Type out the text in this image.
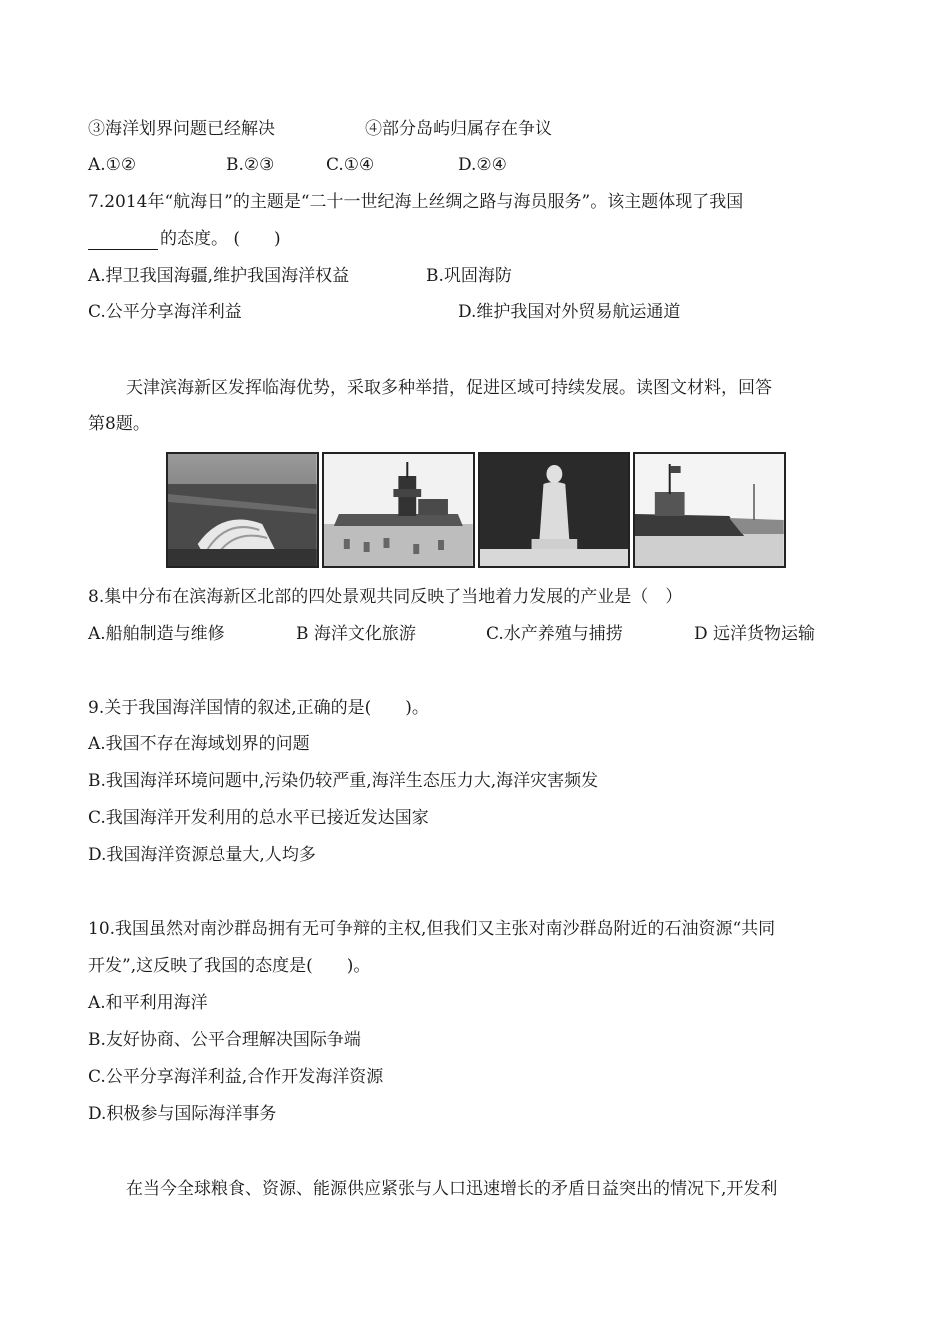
③海洋划界问题已经解决	④部分岛屿归属存在争议
A.①②	B.②③	C.①④	D.②④
7.2014年“航海日”的主题是“二十一世纪海上丝绸之路与海员服务”。该主题体现了我国
的态度。 (　　)
A.捍卫我国海疆,维护我国海洋权益	B.巩固海防
C.公平分享海洋利益	D.维护我国对外贸易航运通道
天津滨海新区发挥临海优势，采取多种举措，促进区域可持续发展。读图文材料，回答
第8题。
8.集中分布在滨海新区北部的四处景观共同反映了当地着力发展的产业是（　）
A.船舶制造与维修	B 海洋文化旅游	C.水产养殖与捕捞	D 远洋货物运输
9.关于我国海洋国情的叙述,正确的是(　　)。
A.我国不存在海域划界的问题
B.我国海洋环境问题中,污染仍较严重,海洋生态压力大,海洋灾害频发
C.我国海洋开发利用的总水平已接近发达国家
D.我国海洋资源总量大,人均多
10.我国虽然对南沙群岛拥有无可争辩的主权,但我们又主张对南沙群岛附近的石油资源“共同
开发”,这反映了我国的态度是(　　)。
A.和平利用海洋
B.友好协商、公平合理解决国际争端
C.公平分享海洋利益,合作开发海洋资源
D.积极参与国际海洋事务
在当今全球粮食、资源、能源供应紧张与人口迅速增长的矛盾日益突出的情况下,开发利
